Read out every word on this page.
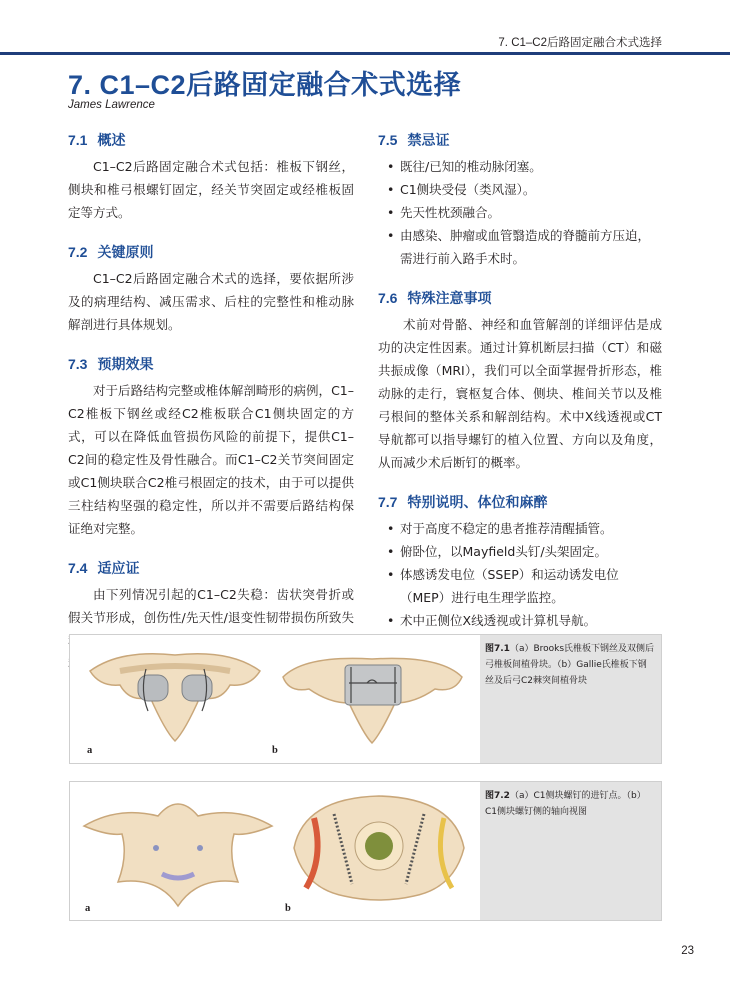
7. C1–C2后路固定融合术式选择
7. C1–C2后路固定融合术式选择
James Lawrence
7.1 概述

C1–C2后路固定融合术式包括：椎板下钢丝，侧块和椎弓根螺钉固定，经关节突固定或经椎板固定等方式。

7.2 关键原则

C1–C2后路固定融合术式的选择，要依据所涉及的病理结构、减压需求、后柱的完整性和椎动脉解剖进行具体规划。

7.3 预期效果

对于后路结构完整或椎体解剖畸形的病例，C1–C2椎板下钢丝或经C2椎板联合C1侧块固定的方式，可以在降低血管损伤风险的前提下，提供C1–C2间的稳定性及骨性融合。而C1–C2关节突间固定或C1侧块联合C2椎弓根固定的技术，由于可以提供三柱结构坚强的稳定性，所以并不需要后路结构保证绝对完整。

7.4 适应证

由下列情况引起的C1–C2失稳：齿状突骨折或假关节形成，创伤性/先天性/退变性韧带损伤所致失

7.5 禁忌证
• 既往/已知的椎动脉闭塞。
• C1侧块受侵（类风湿）。
• 先天性枕颈融合。
• 由感染、肿瘤或血管翳造成的脊髓前方压迫，需进行前入路手术时。
7.6 特殊注意事项

术前对骨骼、神经和血管解剖的详细评估是成功的决定性因素。通过计算机断层扫描（CT）和磁共振成像（MRI），我们可以全面掌握骨折形态，椎动脉的走行，寰枢复合体、侧块、椎间关节以及椎弓根间的整体关系和解剖结构。术中X线透视或CT导航都可以指导螺钉的植入位置、方向以及角度，从而减少术后断钉的概率。

7.7 特别说明、体位和麻醉
• 对于高度不稳定的患者推荐清醒插管。
• 俯卧位，以Mayfield头钉/头架固定。
• 体感诱发电位（SSEP）和运动诱发电位（MEP）进行电生理学监控。
• 术中正侧位X线透视或计算机导航。
a	b
图7.1（a）Brooks氏椎板下钢丝及双侧后弓椎板间植骨块。（b）Gallie氏椎板下钢丝及后弓C2棘突间植骨块
a	b
图7.2（a）C1侧块螺钉的进钉点。（b）C1侧块螺钉侧的轴向视图
23
